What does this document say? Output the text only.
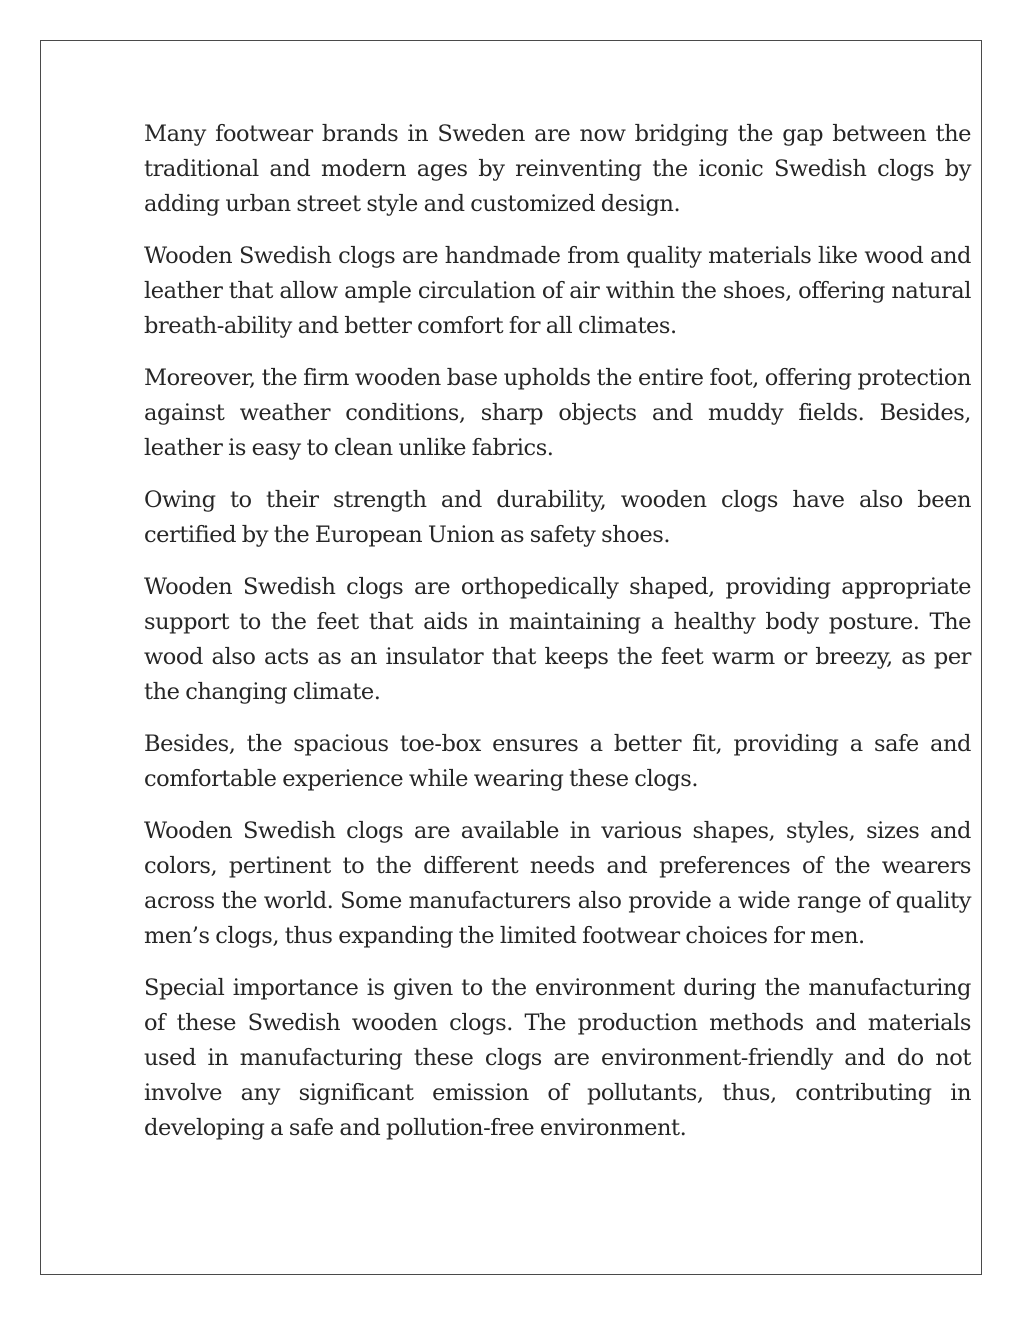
Many footwear brands in Sweden are now bridging the gap between the traditional and modern ages by reinventing the iconic Swedish clogs by adding urban street style and customized design.

Wooden Swedish clogs are handmade from quality materials like wood and leather that allow ample circulation of air within the shoes, offering natural breath-ability and better comfort for all climates.

Moreover, the firm wooden base upholds the entire foot, offering protection against weather conditions, sharp objects and muddy fields. Besides, leather is easy to clean unlike fabrics.

Owing to their strength and durability, wooden clogs have also been certified by the European Union as safety shoes.

Wooden Swedish clogs are orthopedically shaped, providing appropriate support to the feet that aids in maintaining a healthy body posture. The wood also acts as an insulator that keeps the feet warm or breezy, as per the changing climate.

Besides, the spacious toe-box ensures a better fit, providing a safe and comfortable experience while wearing these clogs.

Wooden Swedish clogs are available in various shapes, styles, sizes and colors, pertinent to the different needs and preferences of the wearers across the world. Some manufacturers also provide a wide range of quality men’s clogs, thus expanding the limited footwear choices for men.

Special importance is given to the environment during the manufacturing of these Swedish wooden clogs. The production methods and materials used in manufacturing these clogs are environment-friendly and do not involve any significant emission of pollutants, thus, contributing in developing a safe and pollution-free environment.
